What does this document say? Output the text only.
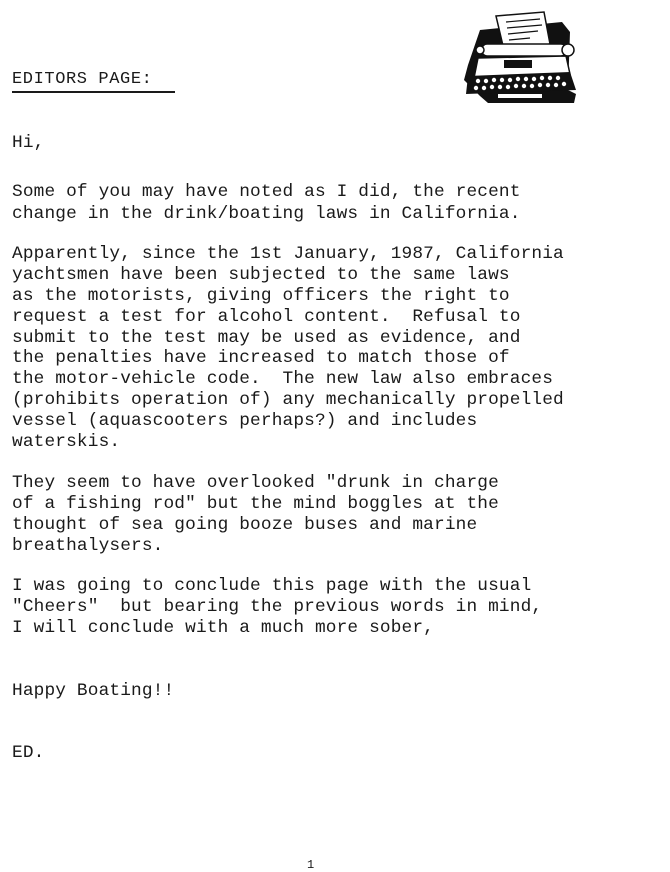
EDITORS PAGE:
Hi,
Some of you may have noted as I did, the recent
change in the drink/boating laws in California.
Apparently, since the 1st January, 1987, California
yachtsmen have been subjected to the same laws
as the motorists, giving officers the right to
request a test for alcohol content.  Refusal to
submit to the test may be used as evidence, and
the penalties have increased to match those of
the motor-vehicle code.  The new law also embraces
(prohibits operation of) any mechanically propelled
vessel (aquascooters perhaps?) and includes
waterskis.
They seem to have overlooked "drunk in charge
of a fishing rod" but the mind boggles at the
thought of sea going booze buses and marine
breathalysers.
I was going to conclude this page with the usual
"Cheers"  but bearing the previous words in mind,
I will conclude with a much more sober,
Happy Boating!!
ED.
1
